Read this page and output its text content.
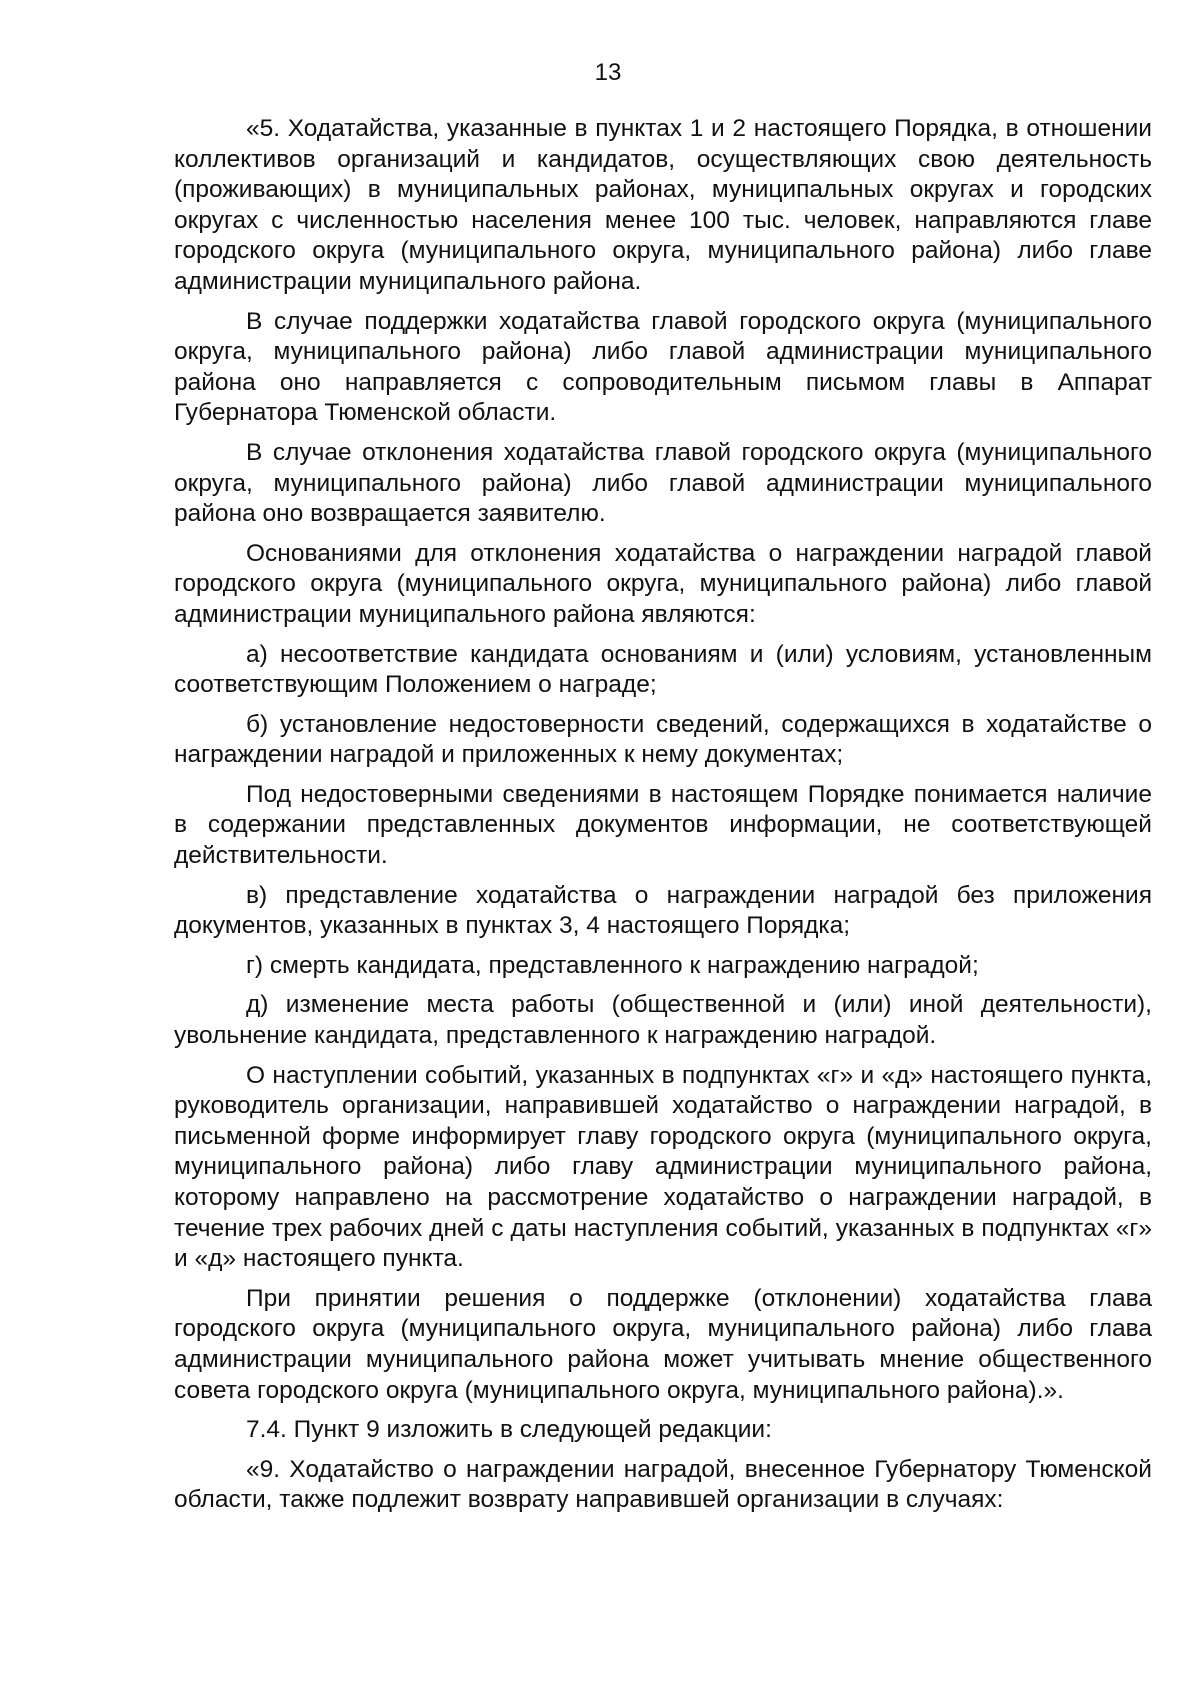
13

«5. Ходатайства, указанные в пунктах 1 и 2 настоящего Порядка, в отношении коллективов организаций и кандидатов, осуществляющих свою деятельность (проживающих) в муниципальных районах, муниципальных округах и городских округах с численностью населения менее 100 тыс. человек, направляются главе городского округа (муниципального округа, муниципального района) либо главе администрации муниципального района.

В случае поддержки ходатайства главой городского округа (муниципального округа, муниципального района) либо главой администрации муниципального района оно направляется с сопроводительным письмом главы в Аппарат Губернатора Тюменской области.

В случае отклонения ходатайства главой городского округа (муниципального округа, муниципального района) либо главой администрации муниципального района оно возвращается заявителю.

Основаниями для отклонения ходатайства о награждении наградой главой городского округа (муниципального округа, муниципального района) либо главой администрации муниципального района являются:

а) несоответствие кандидата основаниям и (или) условиям, установленным соответствующим Положением о награде;

б) установление недостоверности сведений, содержащихся в ходатайстве о награждении наградой и приложенных к нему документах;

Под недостоверными сведениями в настоящем Порядке понимается наличие в содержании представленных документов информации, не соответствующей действительности.

в) представление ходатайства о награждении наградой без приложения документов, указанных в пунктах 3, 4 настоящего Порядка;

г) смерть кандидата, представленного к награждению наградой;

д) изменение места работы (общественной и (или) иной деятельности), увольнение кандидата, представленного к награждению наградой.

О наступлении событий, указанных в подпунктах «г» и «д» настоящего пункта, руководитель организации, направившей ходатайство о награждении наградой, в письменной форме информирует главу городского округа (муниципального округа, муниципального района) либо главу администрации муниципального района, которому направлено на рассмотрение ходатайство о награждении наградой, в течение трех рабочих дней с даты наступления событий, указанных в подпунктах «г» и «д» настоящего пункта.

При принятии решения о поддержке (отклонении) ходатайства глава городского округа (муниципального округа, муниципального района) либо глава администрации муниципального района может учитывать мнение общественного совета городского округа (муниципального округа, муниципального района).».

7.4. Пункт 9 изложить в следующей редакции:

«9. Ходатайство о награждении наградой, внесенное Губернатору Тюменской области, также подлежит возврату направившей организации в случаях:
